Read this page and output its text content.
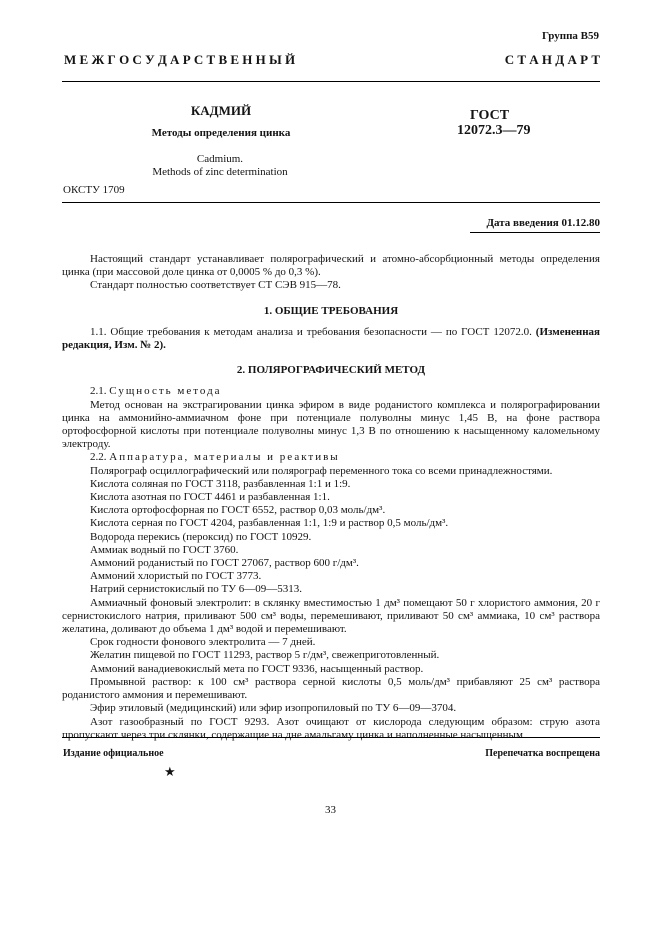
Группа В59
М Е Ж Г О С У Д А Р С Т В Е Н Н Ы Й	С Т А Н Д А Р Т
КАДМИЙ
Методы определения цинка
Cadmium.
Methods of zinc determination
ГОСТ
12072.3—79
ОКСТУ 1709
Дата введения 01.12.80

Настоящий стандарт устанавливает полярографический и атомно-абсорбционный методы определения цинка (при массовой доле цинка от 0,0005 % до 0,3 %).

Стандарт полностью соответствует СТ СЭВ 915—78.

1. ОБЩИЕ ТРЕБОВАНИЯ

1.1. Общие требования к методам анализа и требования безопасности — по ГОСТ 12072.0. (Измененная редакция, Изм. № 2).

2. ПОЛЯРОГРАФИЧЕСКИЙ МЕТОД

2.1. Сущность метода

Метод основан на экстрагировании цинка эфиром в виде роданистого комплекса и полярографировании цинка на аммонийно-аммиачном фоне при потенциале полуволны минус 1,45 В, на фоне раствора ортофосфорной кислоты при потенциале полуволны минус 1,3 В по отношению к насыщенному каломельному электроду.

2.2. Аппаратура, материалы и реактивы

Полярограф осциллографический или полярограф переменного тока со всеми принадлежностями.

Кислота соляная по ГОСТ 3118, разбавленная 1:1 и 1:9.

Кислота азотная по ГОСТ 4461 и разбавленная 1:1.

Кислота ортофосфорная по ГОСТ 6552, раствор 0,03 моль/дм³.

Кислота серная по ГОСТ 4204, разбавленная 1:1, 1:9 и раствор 0,5 моль/дм³.

Водорода перекись (пероксид) по ГОСТ 10929.

Аммиак водный по ГОСТ 3760.

Аммоний роданистый по ГОСТ 27067, раствор 600 г/дм³.

Аммоний хлористый по ГОСТ 3773.

Натрий сернистокислый по ТУ 6—09—5313.

Аммиачный фоновый электролит: в склянку вместимостью 1 дм³ помещают 50 г хлористого аммония, 20 г сернистокислого натрия, приливают 500 см³ воды, перемешивают, приливают 50 см³ аммиака, 10 см³ раствора желатина, доливают до объема 1 дм³ водой и перемешивают.

Срок годности фонового электролита — 7 дней.

Желатин пищевой по ГОСТ 11293, раствор 5 г/дм³, свежеприготовленный.

Аммоний ванадиевокислый мета по ГОСТ 9336, насыщенный раствор.

Промывной раствор: к 100 см³ раствора серной кислоты 0,5 моль/дм³ прибавляют 25 см³ раствора роданистого аммония и перемешивают.

Эфир этиловый (медицинский) или эфир изопропиловый по ТУ 6—09—3704.

Азот газообразный по ГОСТ 9293. Азот очищают от кислорода следующим образом: струю азота пропускают через три склянки, содержащие на дне амальгаму цинка и наполненные насыщенным

Издание официальное	Перепечатка воспрещена
★
33
